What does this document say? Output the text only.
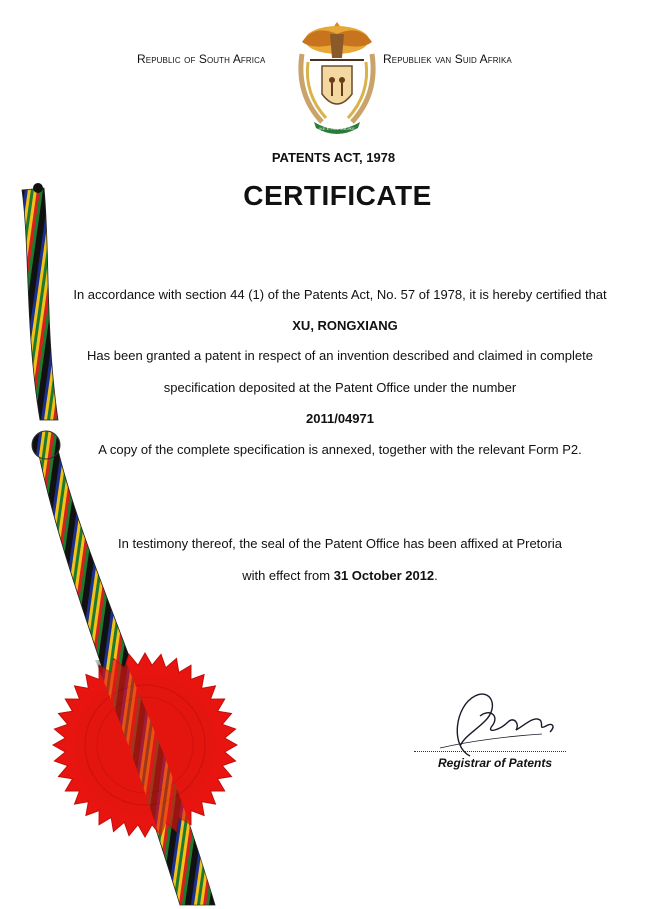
!KE E: /XARRA //KE
Republic of South Africa	Republiek van Suid Afrika
PATENTS ACT, 1978
CERTIFICATE
In accordance with section 44 (1) of the Patents Act, No. 57 of 1978, it is hereby certified that
XU, RONGXIANG
Has been granted a patent in respect of an invention described and claimed in complete
specification deposited at the Patent Office under the number
2011/04971
A copy of the complete specification is annexed, together with the relevant Form P2.
In testimony thereof, the seal of the Patent Office has been affixed at Pretoria
with effect from 31 October 2012.
Registrar of Patents
